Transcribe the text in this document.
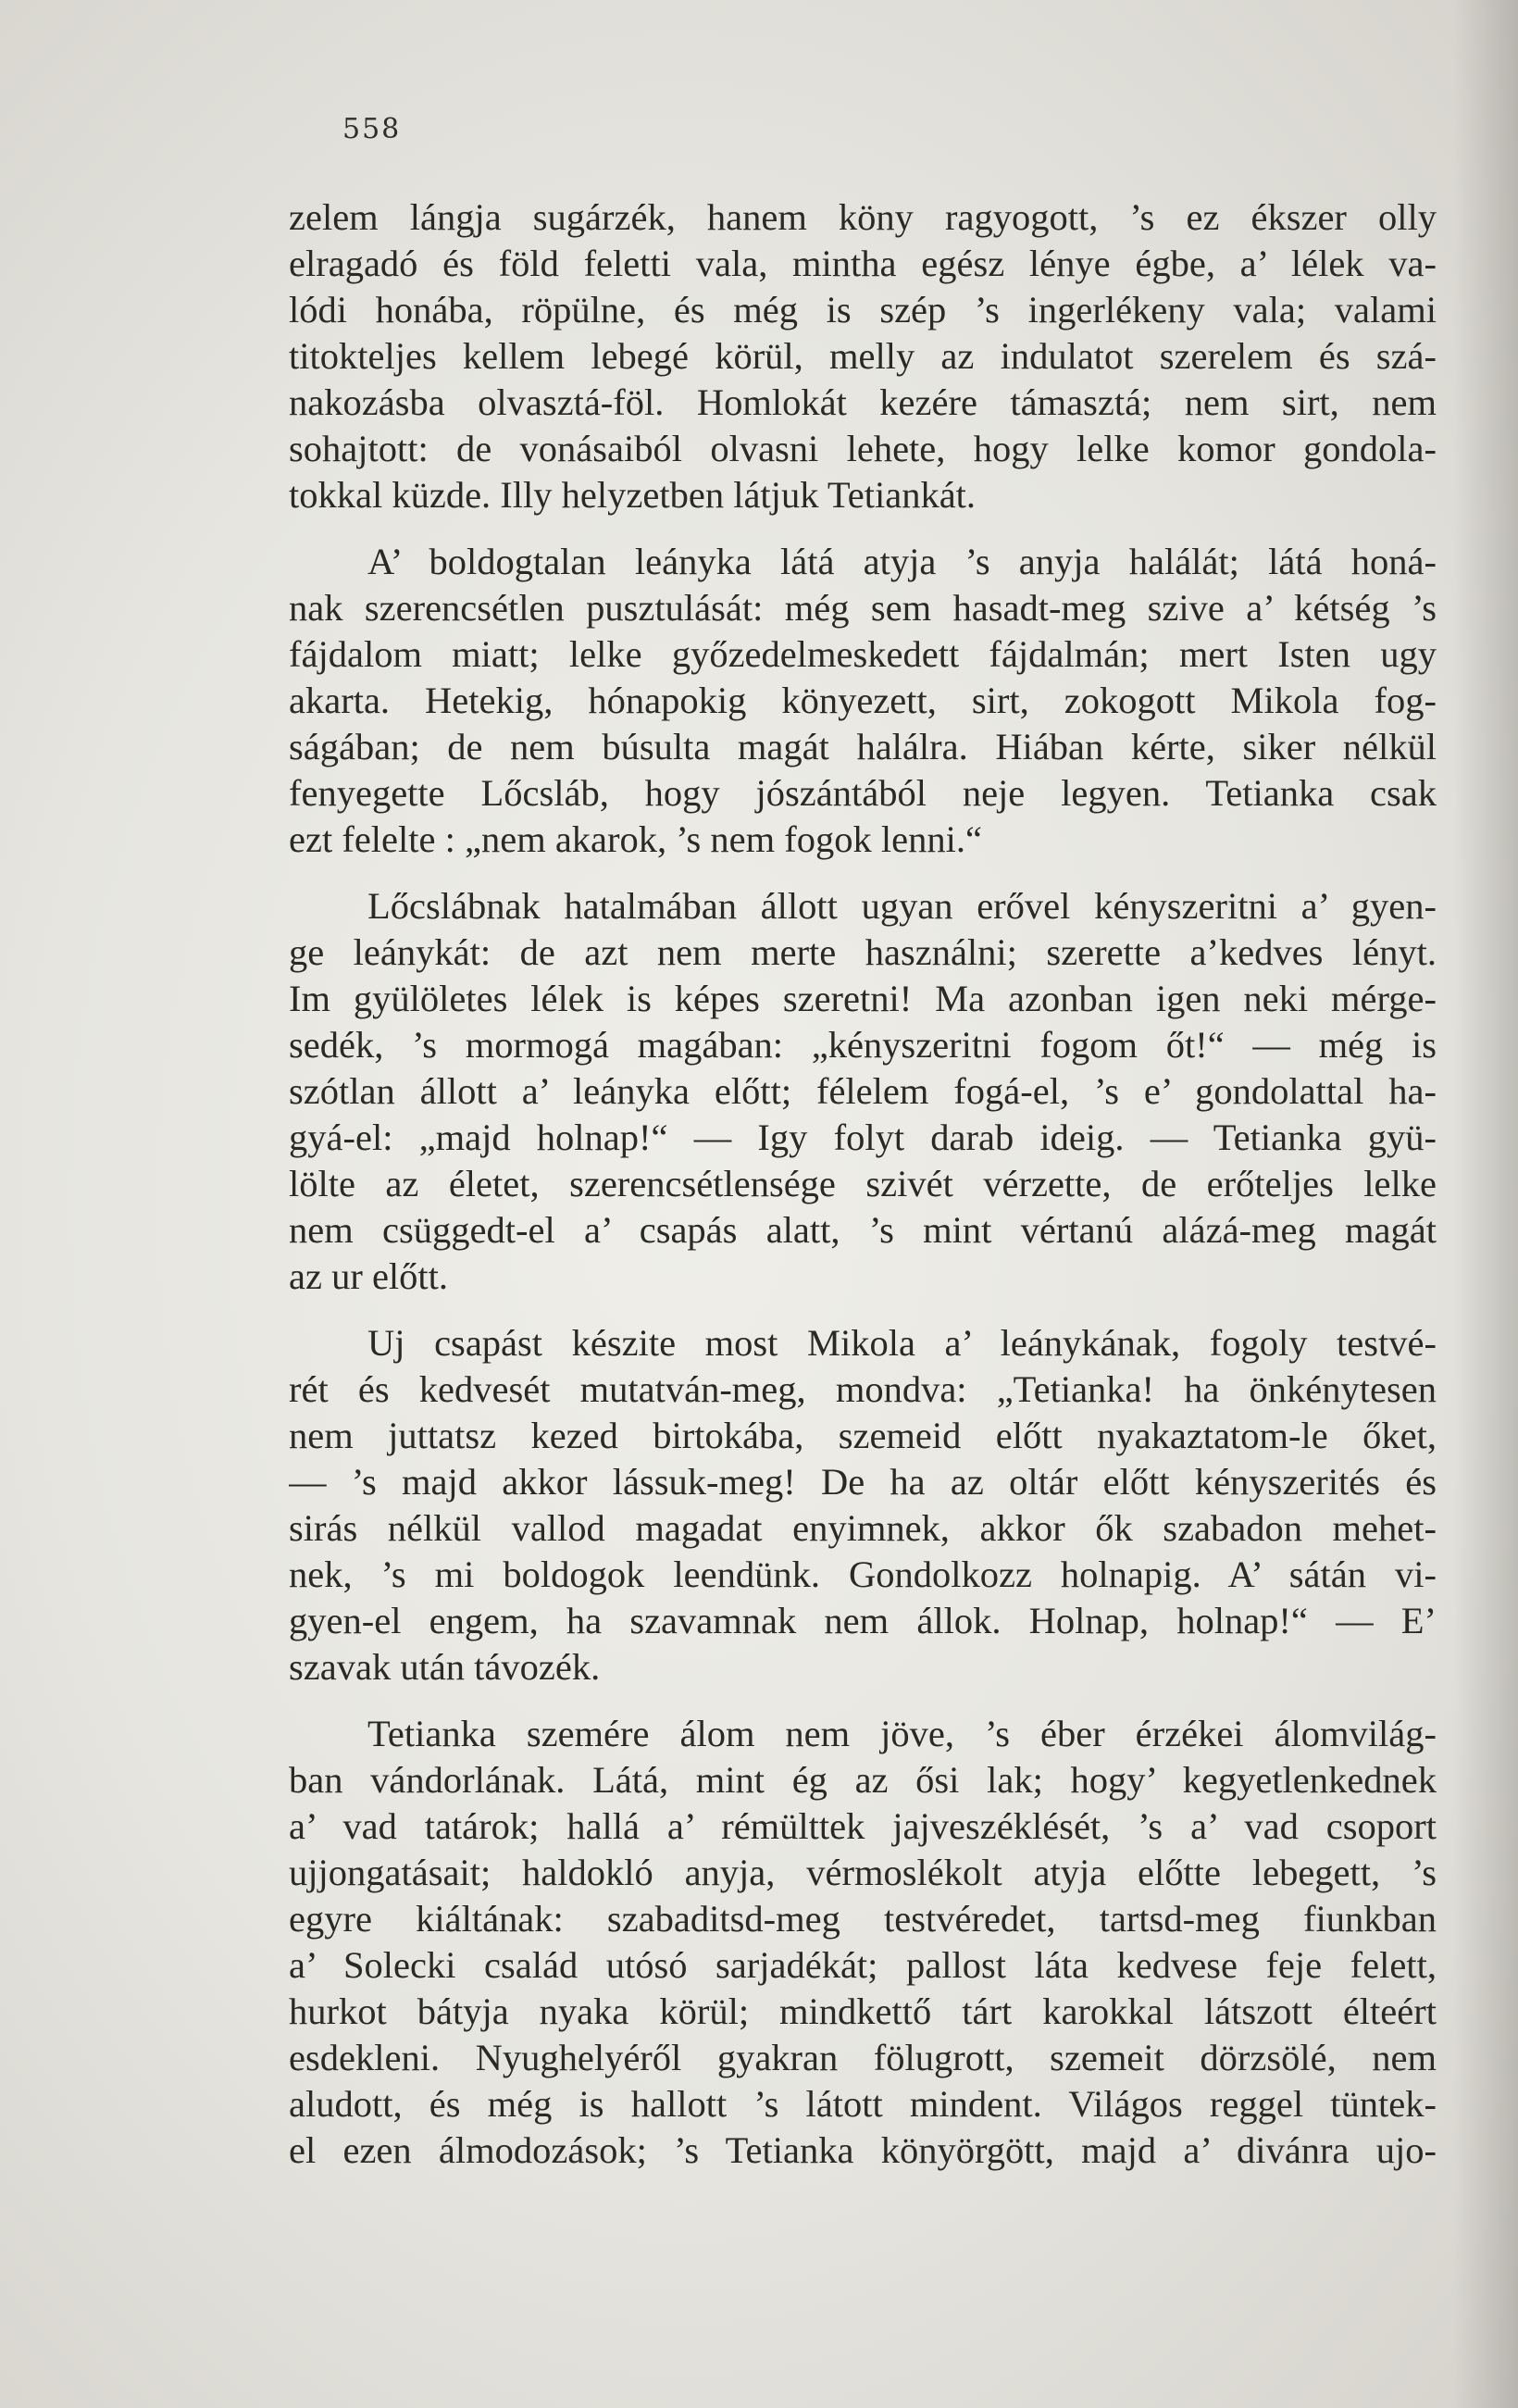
558
zelem lángja sugárzék, hanem köny ragyogott, ’s ez ékszer olly
elragadó és föld feletti vala, mintha egész lénye égbe, a’ lélek va-
lódi honába, röpülne, és még is szép ’s ingerlékeny vala; valami
titokteljes kellem lebegé körül, melly az indulatot szerelem és szá-
nakozásba olvasztá-föl. Homlokát kezére támasztá; nem sirt, nem
sohajtott: de vonásaiból olvasni lehete, hogy lelke komor gondola-
tokkal küzde. Illy helyzetben látjuk Tetiankát.
A’ boldogtalan leányka látá atyja ’s anyja halálát; látá honá-
nak szerencsétlen pusztulását: még sem hasadt-meg szive a’ kétség ’s
fájdalom miatt; lelke győzedelmeskedett fájdalmán; mert Isten ugy
akarta. Hetekig, hónapokig könyezett, sirt, zokogott Mikola fog-
ságában; de nem búsulta magát halálra. Hiában kérte, siker nélkül
fenyegette Lőcsláb, hogy jószántából neje legyen. Tetianka csak
ezt felelte : „nem akarok, ’s nem fogok lenni.“
Lőcslábnak hatalmában állott ugyan erővel kényszeritni a’ gyen-
ge leánykát: de azt nem merte használni; szerette a’kedves lényt.
Im gyülöletes lélek is képes szeretni! Ma azonban igen neki mérge-
sedék, ’s mormogá magában: „kényszeritni fogom őt!“ — még is
szótlan állott a’ leányka előtt; félelem fogá-el, ’s e’ gondolattal ha-
gyá-el: „majd holnap!“ — Igy folyt darab ideig. — Tetianka gyü-
lölte az életet, szerencsétlensége szivét vérzette, de erőteljes lelke
nem csüggedt-el a’ csapás alatt, ’s mint vértanú alázá-meg magát
az ur előtt.
Uj csapást készite most Mikola a’ leánykának, fogoly testvé-
rét és kedvesét mutatván-meg, mondva: „Tetianka! ha önkénytesen
nem juttatsz kezed birtokába, szemeid előtt nyakaztatom-le őket,
— ’s majd akkor lássuk-meg! De ha az oltár előtt kényszerités és
sirás nélkül vallod magadat enyimnek, akkor ők szabadon mehet-
nek, ’s mi boldogok leendünk. Gondolkozz holnapig. A’ sátán vi-
gyen-el engem, ha szavamnak nem állok. Holnap, holnap!“ — E’
szavak után távozék.
Tetianka szemére álom nem jöve, ’s éber érzékei álomvilág-
ban vándorlának. Látá, mint ég az ősi lak; hogy’ kegyetlenkednek
a’ vad tatárok; hallá a’ rémülttek jajveszéklését, ’s a’ vad csoport
ujjongatásait; haldokló anyja, vérmoslékolt atyja előtte lebegett, ’s
egyre kiáltának: szabaditsd-meg testvéredet, tartsd-meg fiunkban
a’ Solecki család utósó sarjadékát; pallost láta kedvese feje felett,
hurkot bátyja nyaka körül; mindkettő tárt karokkal látszott élteért
esdekleni. Nyughelyéről gyakran fölugrott, szemeit dörzsölé, nem
aludott, és még is hallott ’s látott mindent. Világos reggel tüntek-
el ezen álmodozások; ’s Tetianka könyörgött, majd a’ divánra ujo-
